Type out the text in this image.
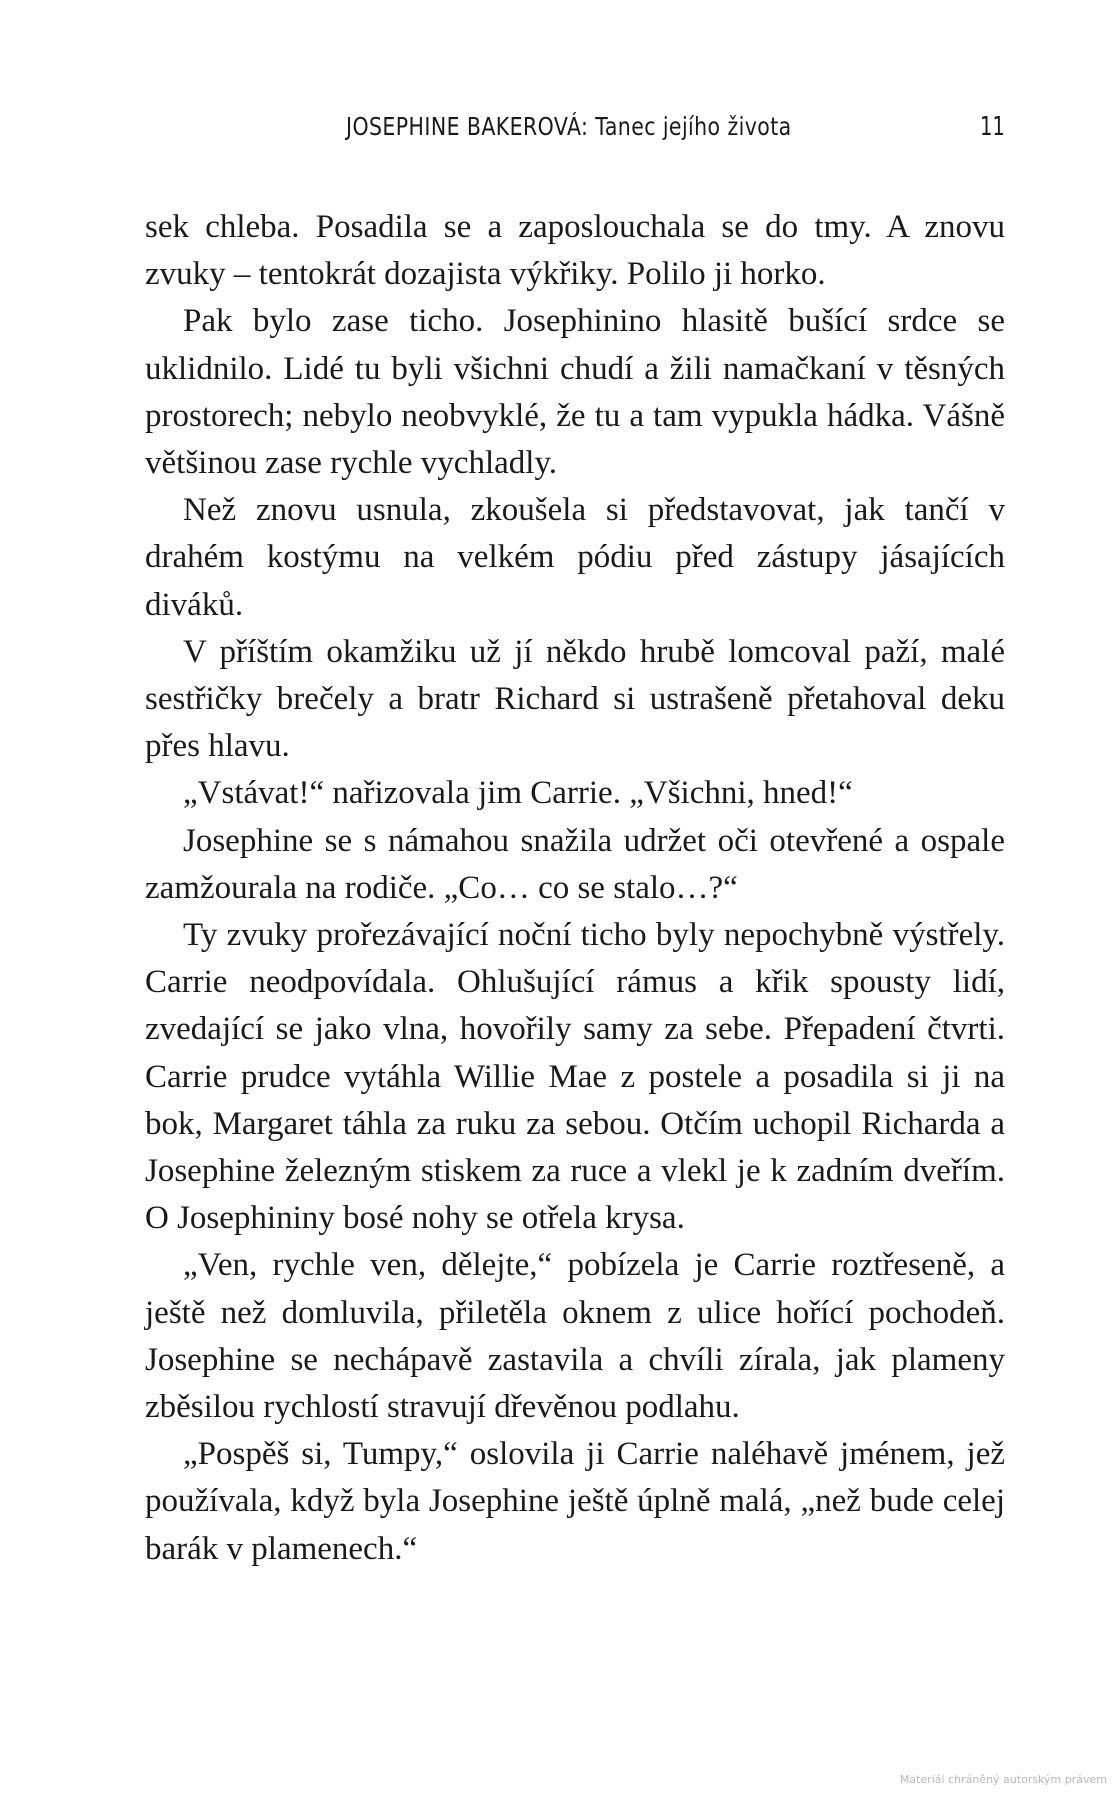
JOSEPHINE BAKEROVÁ: Tanec jejího života	11

sek chleba. Posadila se a zaposlouchala se do tmy. A znovu zvuky – tentokrát dozajista výkřiky. Polilo ji horko.

Pak bylo zase ticho. Josephinino hlasitě bušící srdce se uklidnilo. Lidé tu byli všichni chudí a žili namačkaní v těsných prostorech; nebylo neobvyklé, že tu a tam vypukla hádka. Vášně většinou zase rychle vychladly.

Než znovu usnula, zkoušela si představovat, jak tančí v drahém kostýmu na velkém pódiu před zástupy jásajících diváků.

V příštím okamžiku už jí někdo hrubě lomcoval paží, malé sestřičky brečely a bratr Richard si ustrašeně přetahoval deku přes hlavu.

„Vstávat!“ nařizovala jim Carrie. „Všichni, hned!“

Josephine se s námahou snažila udržet oči otevřené a ospale zamžourala na rodiče. „Co… co se stalo…?“

Ty zvuky prořezávající noční ticho byly nepochybně výstřely. Carrie neodpovídala. Ohlušující rámus a křik spousty lidí, zvedající se jako vlna, hovořily samy za sebe. Přepadení čtvrti. Carrie prudce vytáhla Willie Mae z postele a posadila si ji na bok, Margaret táhla za ruku za sebou. Otčím uchopil Richarda a Josephine železným stiskem za ruce a vlekl je k zadním dveřím. O Josephininy bosé nohy se otřela krysa.

„Ven, rychle ven, dělejte,“ pobízela je Carrie roztřeseně, a ještě než domluvila, přiletěla oknem z ulice hořící pochodeň. Josephine se nechápavě zastavila a chvíli zírala, jak plameny zběsilou rychlostí stravují dřevěnou podlahu.

„Pospěš si, Tumpy,“ oslovila ji Carrie naléhavě jménem, jež používala, když byla Josephine ještě úplně malá, „než bude celej barák v plamenech.“

Materiál chráněný autorským právem
